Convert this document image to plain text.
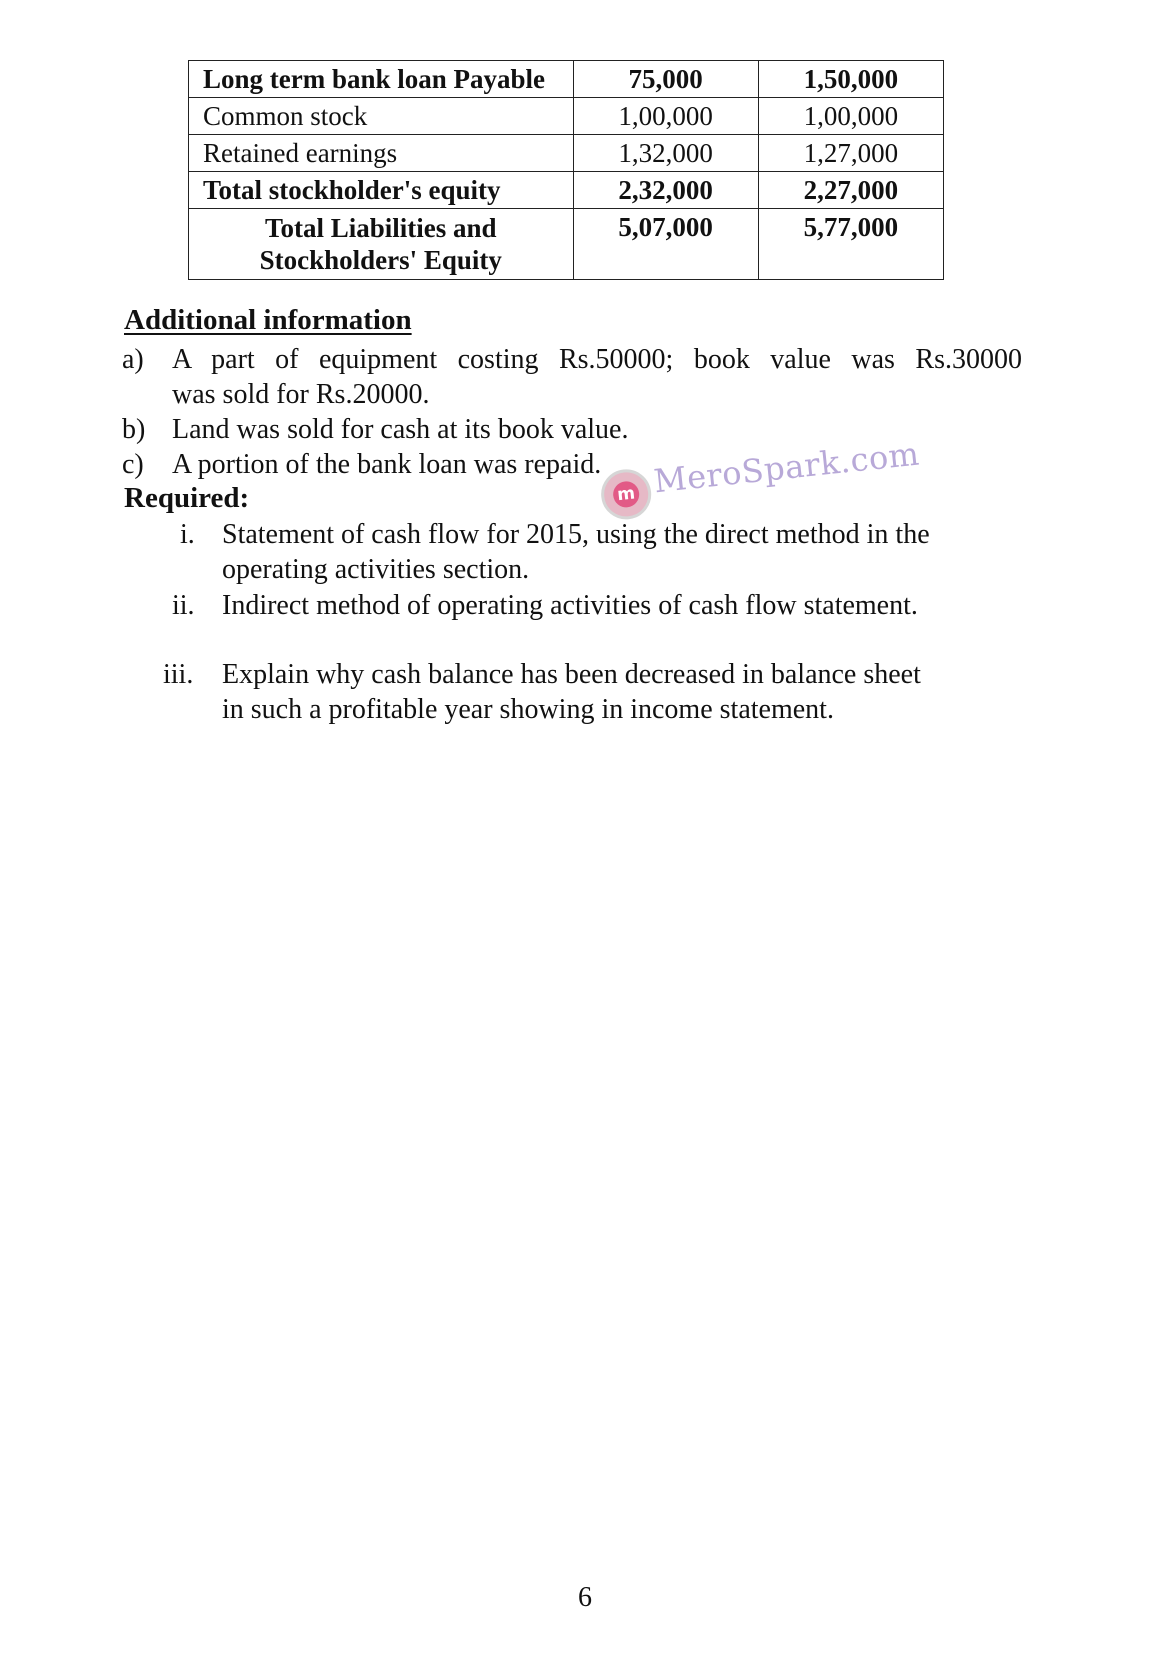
Long term bank loan Payable	75,000	1,50,000
Common stock	1,00,000	1,00,000
Retained earnings	1,32,000	1,27,000
Total stockholder's equity	2,32,000	2,27,000
Total Liabilities and
Stockholders' Equity	5,07,000	5,77,000
Additional information
a) A part of equipment costing Rs.50000; book value was Rs.30000
was sold for Rs.20000.
b) Land was sold for cash at its book value.
c) A portion of the bank loan was repaid.
Required:
i. Statement of cash flow for 2015, using the direct method in the
operating activities section.
ii. Indirect method of operating activities of cash flow statement.
iii. Explain why cash balance has been decreased in balance sheet
in such a profitable year showing in income statement.
m MeroSpark.com
6
